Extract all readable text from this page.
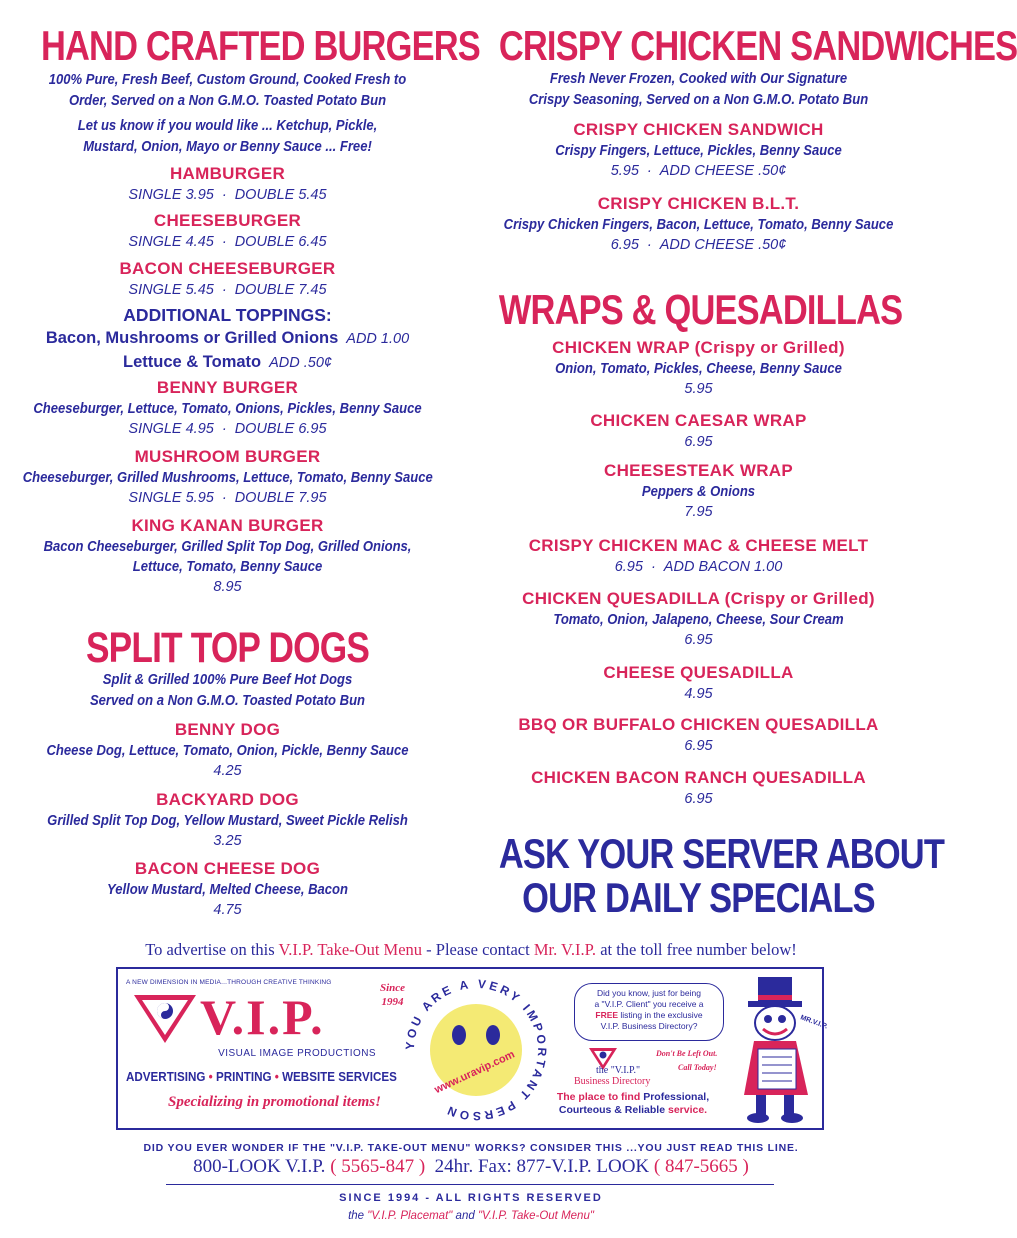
HAND CRAFTED BURGERS
100% Pure, Fresh Beef, Custom Ground, Cooked Fresh to
Order, Served on a Non G.M.O. Toasted Potato Bun
Let us know if you would like ... Ketchup, Pickle,
Mustard, Onion, Mayo or Benny Sauce ... Free!
HAMBURGER
SINGLE 3.95 · DOUBLE 5.45
CHEESEBURGER
SINGLE 4.45 · DOUBLE 6.45
BACON CHEESEBURGER
SINGLE 5.45 · DOUBLE 7.45
ADDITIONAL TOPPINGS:
Bacon, Mushrooms or Grilled Onions ADD 1.00
Lettuce & Tomato ADD .50¢
BENNY BURGER
Cheeseburger, Lettuce, Tomato, Onions, Pickles, Benny Sauce
SINGLE 4.95 · DOUBLE 6.95
MUSHROOM BURGER
Cheeseburger, Grilled Mushrooms, Lettuce, Tomato, Benny Sauce
SINGLE 5.95 · DOUBLE 7.95
KING KANAN BURGER
Bacon Cheeseburger, Grilled Split Top Dog, Grilled Onions,
Lettuce, Tomato, Benny Sauce
8.95
SPLIT TOP DOGS
Split & Grilled 100% Pure Beef Hot Dogs
Served on a Non G.M.O. Toasted Potato Bun
BENNY DOG
Cheese Dog, Lettuce, Tomato, Onion, Pickle, Benny Sauce
4.25
BACKYARD DOG
Grilled Split Top Dog, Yellow Mustard, Sweet Pickle Relish
3.25
BACON CHEESE DOG
Yellow Mustard, Melted Cheese, Bacon
4.75
CRISPY CHICKEN SANDWICHES
Fresh Never Frozen, Cooked with Our Signature
Crispy Seasoning, Served on a Non G.M.O. Potato Bun
CRISPY CHICKEN SANDWICH
Crispy Fingers, Lettuce, Pickles, Benny Sauce
5.95 · ADD CHEESE .50¢
CRISPY CHICKEN B.L.T.
Crispy Chicken Fingers, Bacon, Lettuce, Tomato, Benny Sauce
6.95 · ADD CHEESE .50¢
WRAPS & QUESADILLAS
CHICKEN WRAP (Crispy or Grilled)
Onion, Tomato, Pickles, Cheese, Benny Sauce
5.95
CHICKEN CAESAR WRAP
6.95
CHEESESTEAK WRAP
Peppers & Onions
7.95
CRISPY CHICKEN MAC & CHEESE MELT
6.95 · ADD BACON 1.00
CHICKEN QUESADILLA (Crispy or Grilled)
Tomato, Onion, Jalapeno, Cheese, Sour Cream
6.95
CHEESE QUESADILLA
4.95
BBQ OR BUFFALO CHICKEN QUESADILLA
6.95
CHICKEN BACON RANCH QUESADILLA
6.95
ASK YOUR SERVER ABOUT
OUR DAILY SPECIALS
To advertise on this V.I.P. Take-Out Menu - Please contact Mr. V.I.P. at the toll free number below!
A NEW DIMENSION IN MEDIA...THROUGH CREATIVE THINKING
V.I.P.
Since
1994
VISUAL IMAGE PRODUCTIONS
ADVERTISING • PRINTING • WEBSITE SERVICES
Specializing in promotional items!
YOU ARE A VERY IMPORTANT PERSON
www.uravip.com
Did you know, just for being
a "V.I.P. Client" you receive a
FREE listing in the exclusive
V.I.P. Business Directory?
Don't Be Left Out.
Call Today!
the "V.I.P."
Business Directory
The place to find Professional,
Courteous & Reliable service.
MR.V.I.P.
DID YOU EVER WONDER IF THE "V.I.P. TAKE-OUT MENU" WORKS? CONSIDER THIS ...YOU JUST READ THIS LINE.
800-LOOK V.I.P. ( 5565-847 ) 24hr. Fax: 877-V.I.P. LOOK ( 847-5665 )
SINCE 1994 - ALL RIGHTS RESERVED
the "V.I.P. Placemat" and "V.I.P. Take-Out Menu"
